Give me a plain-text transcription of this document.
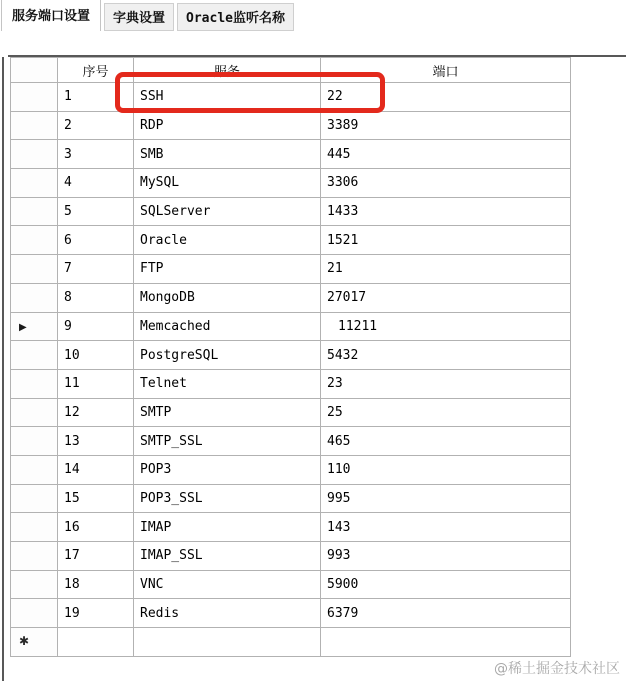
服务端口设置	字典设置	Oracle监听名称
	序号	服务	端口
	1	SSH	22
	2	RDP	3389
	3	SMB	445
	4	MySQL	3306
	5	SQLServer	1433
	6	Oracle	1521
	7	FTP	21
	8	MongoDB	27017
▶	9	Memcached	11211
	10	PostgreSQL	5432
	11	Telnet	23
	12	SMTP	25
	13	SMTP_SSL	465
	14	POP3	110
	15	POP3_SSL	995
	16	IMAP	143
	17	IMAP_SSL	993
	18	VNC	5900
	19	Redis	6379
✱			
@稀土掘金技术社区
